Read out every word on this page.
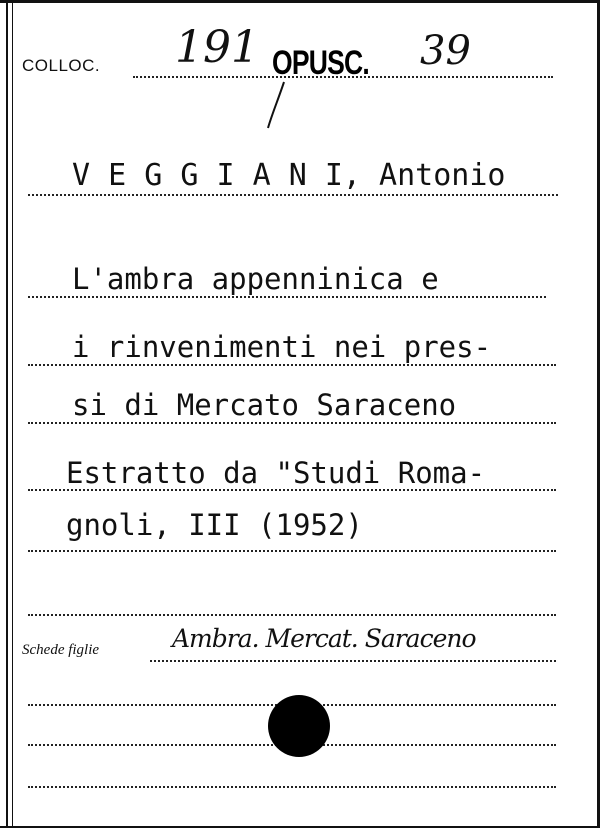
COLLOC. 191 OPUSC. 39
V E G G I A N I, Antonio
L'ambra appenninica e
i rinvenimenti nei pres-
si di Mercato Saraceno
Estratto da "Studi Roma-
gnoli, III (1952)
Schede figlie	Ambra. Mercat. Saraceno
